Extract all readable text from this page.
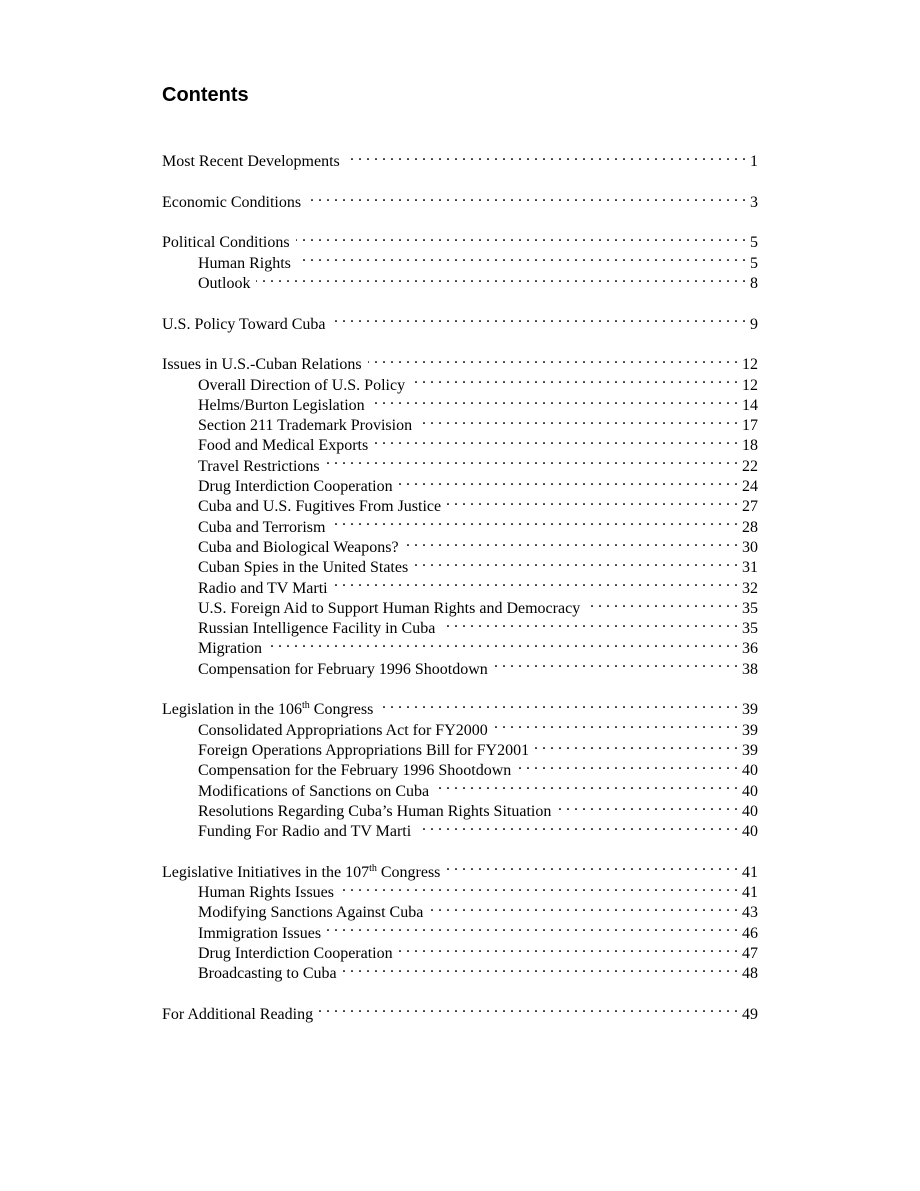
Contents
Most Recent Developments . . .	1
Economic Conditions . . .	3
Political Conditions . . .	5
Human Rights . . .	5
Outlook . . .	8
U.S. Policy Toward Cuba . . .	9
Issues in U.S.-Cuban Relations . . .	12
Overall Direction of U.S. Policy . . .	12
Helms/Burton Legislation . . .	14
Section 211 Trademark Provision . . .	17
Food and Medical Exports . . .	18
Travel Restrictions . . .	22
Drug Interdiction Cooperation . . .	24
Cuba and U.S. Fugitives From Justice . . .	27
Cuba and Terrorism . . .	28
Cuba and Biological Weapons? . . .	30
Cuban Spies in the United States . . .	31
Radio and TV Marti . . .	32
U.S. Foreign Aid to Support Human Rights and Democracy . . .	35
Russian Intelligence Facility in Cuba . . .	35
Migration . . .	36
Compensation for February 1996 Shootdown . . .	38
Legislation in the 106th Congress . . .	39
Consolidated Appropriations Act for FY2000 . . .	39
Foreign Operations Appropriations Bill for FY2001 . . .	39
Compensation for the February 1996 Shootdown . . .	40
Modifications of Sanctions on Cuba . . .	40
Resolutions Regarding Cuba’s Human Rights Situation . . .	40
Funding For Radio and TV Marti . . .	40
Legislative Initiatives in the 107th Congress . . .	41
Human Rights Issues . . .	41
Modifying Sanctions Against Cuba . . .	43
Immigration Issues . . .	46
Drug Interdiction Cooperation . . .	47
Broadcasting to Cuba . . .	48
For Additional Reading . . .	49
